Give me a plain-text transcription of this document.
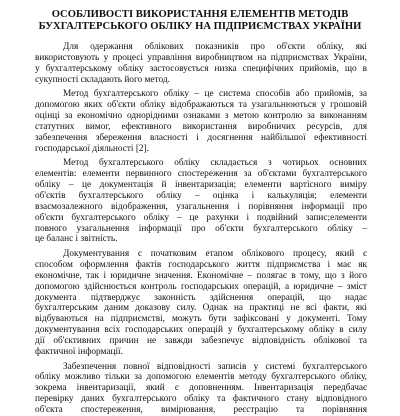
ОСОБЛИВОСТІ ВИКОРИСТАННЯ ЕЛЕМЕНТІВ МЕТОДІВ
БУХГАЛТЕРСЬКОГО ОБЛІКУ НА ПІДПРИЄМСТВАХ УКРАЇНИ
Для одержання облікових показників про об'єкти обліку, які
використовують у процесі управління виробництвом на підприємствах України,
у бухгалтерському обліку застосовується низка специфічних прийомів, що в
сукупності складають його метод.
Метод бухгалтерського обліку – це система способів або прийомів, за
допомогою яких об'єкти обліку відображаються та узагальнюються у грошовій
оцінці за економічно однорідними ознаками з метою контролю за виконанням
статутних вимог, ефективного використання виробничих ресурсів, для
забезпечення збереження власності і досягнення найбільшої ефективності
господарської діяльності [2].
Метод бухгалтерського обліку складається з чотирьох основних
елементів: елементи первинного спостереження за об'єктами бухгалтерського
обліку – це документація й інвентаризація; елементи вартісного виміру
об'єктів бухгалтерського обліку – оцінка і калькуляція; елементи
взаємозалежного відображення, узагальнення і порівняння інформації про
об'єкти бухгалтерського обліку – це рахунки і подвійний запис;елементи
повного узагальнення інформації про об'єкти бухгалтерського обліку –
це баланс і звітність.
Документування є початковим етапом облікового процесу, який є
способом оформлення фактів господарського життя підприємства і має як
економічне, так і юридичне значення. Економічне – полягає в тому, що з його
допомогою здійснюється контроль господарських операцій, а юридичне – зміст
документа підтверджує законність здійснення операцій, що надає
бухгалтерським даним доказову силу. Однак на практиці не всі факти, які
відбуваються на підприємстві, можуть бути зафіксовані у документі. Тому
документування всіх господарських операцій у бухгалтерському обліку в силу
дії об'єктивних причин не завжди забезпечує відповідність облікової та
фактичної інформації.
Забезпечення повної відповідності записів у системі бухгалтерського
обліку можливо тільки за допомогою елементів методу бухгалтерського обліку,
зокрема інвентаризації, який є доповненням. Інвентаризація передбачає
перевірку даних бухгалтерського обліку та фактичного стану відповідного
об'єкта спостереження, вимірювання, реєстрацію та порівняння
